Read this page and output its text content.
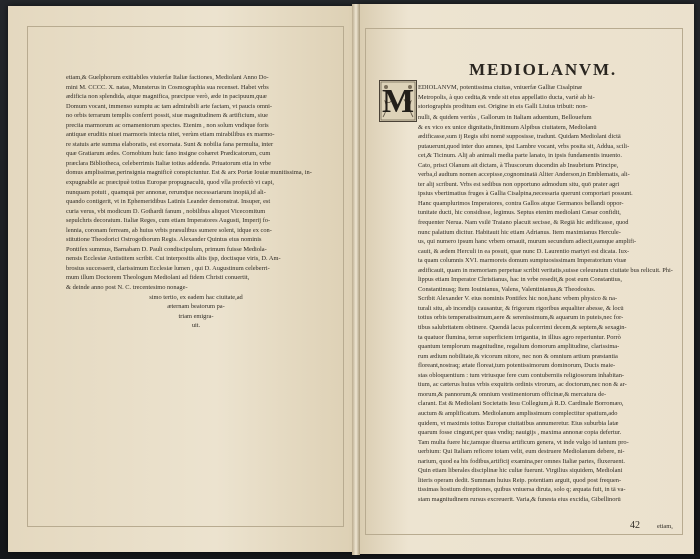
etiam,& Guelphorum exitiabiles viuierfæ Italiæ factiones, Mediolani Anno Do-
mini M. CCCC. X. natas, Munsterus in Cosmographia sua recenset. Habet vrbs
ædificia non splendida, atque magnifica, præcipue verò, æde in pacipuum,quæ
Domum vocant, immenso sumptu ac tam admirabili arte factam, vt paucis omni-
no orbis terrarum templis conferri possit, siue magnitudinem & artificium, siue
preciia marmorum ac ornamentorum spectes. Etenim , non solum vndique foris
antiquæ eruditis niuei marmoris intecta nitet, verùm etiam mirabilibus ex marmo-
re statuis arte summa elaboratis, est exornata. Sunt & nobilia fana permulta, inter
quæ Gratiarum ædes. Cornobium huic fano insigne cohæret Prædicatorum, cum
præclara Bibliotheca, celeberrimis Italiæ totius addenda. Priuatorum etia in vrbe
domus amplissimæ,perinsignia magnificè conspiciuntur. Est & arx Portæ Iouiæ munitissima, in-
expugnabile ac præcipuè totius Europæ propugnaculū, quod vlla profectò vi capi,
nunquam potuit , quamquā per annonæ, rerumq̄ue necessariarum inopiā,id ali-
quando contigerit, vt in Ephemeridibus Latinis Leander demonstrat. Insuper, est
curia verus, vbi modicum D. Gothardi fanum , nobilibus aliquot Vicecomitum
sepulchris decoratum. Italiæ Reges, cum etiam Imperatores Augusti, Imperij fo-
lennia, coronam ferream, ab huius vrbis præsulibus sumere solent, idque ex con-
stitutione Theodorici Ostrogothorum Regis. Alexander Quintus eius nominis
Pontifex summus, Barnabam D. Pauli condiscipulum, primum fuisse Mediola-
nensis Ecclesiæ Antistitem scribit. Cui interpositis aliis ijsp, doctisque viris, D. Am-
brosius successerit, clarissimum Ecclesiæ lumen , qui D. Augustinum celeberri-
mum illum Doctorem Theologum Mediolani ad fidem Christi conuertit,
& deinde anno post N. C. trecentesimo nonage-
simo tertio, ex eadem hac ciuitate,ad
æternam beatorum pa-
triam emigra-
uit.
MEDIOLANVM.
M EDIOLANVM, potentissima ciuitas, vniuerfæ Galliæ Cisalpinæ
Metropolis, à quo cedita,& vnde sit eius appellatio ducta, variè ab hi-
storiographis proditum est. Origine in eis Galli Liuius tribuit: non-
nulli, & quidem veriùs , Gallorum in Italiam aduentum, Bellouefum
& ex vico ex unice dignitatis,finitimum Alpibus ciuitatem, Mediolanū
ædificasse,sum ij Regis sibi nomē supposisse, tradunt. Quidam Mediolani dictā
putauerunt,quod inter duo amnes, ipsi Lambre vocant, vrbs posita sit, Addua, scili-
cet,& Ticinum. Alij ab animali media parte lanato, in ipsis fundamentis inuento.
Cato, prisci Olanum ait dictam, à Thuscorum ducendin ab Insubrium Principe,
verba,d audtum nomen accepisse,cognominatā Aliter Anderson,in Emblematis, ali-
ter alij scribunt. Vrbs est sedibus non opportuno admodum situ, quō prater agri
ipsius vbertimatius fruges à Gallia Cisalpina,necessaria querunt comportari possunt.
Hanc quamplurimos Imperatores, contra Gallos atque Germanos bellandi oppor-
tunitate ducti, hic considisse, legimus. Septus etenim mediolani Cæsar confidit,
frequenter Nerua. Nam vsilē Traiano placuit secisse, & Regiā hic ædificasse, quod
nunc palatium dicitur. Habitauit hic etiam Adrianus. Item maximianus Hercule-
us, qui numero ipsum hanc vrbem ornauit, murum secundum adiecit,eamque amplifi-
cauit, & ædem Herculi in ea posuit, quæ nunc D. Laurentio martyri est dicata. Iux-
ta quam columnis XVI. marmoreis domum sumptuosissimam Imperatorium viuæ
ædificauit, quam in memoriam perpetuæ scribit veritatis,suisse celeuratum ciuitate bus relicuit. Phi-
lippus etiam Imperator Christianus, hac in vrbe resedit,& post eum Constantius,
Constantinusq; Item Iouinianus, Valens, Valentinianus,& Theodosius.
Scribit Alexander V. eius nominis Pontifex hic non,hanc vrbem physico & na-
turali situ, ab incendijs causantur, & frigorum rigoribus æqualiter abesse, & locū
totius orbis temperatissimum,aere & serenissimum,& aquarum in puteis,nec for-
tibus salubritatem obtinere. Quendā lacus pulcerrimi decem,& septem,& sexagin-
ta quatuor flumina, terræ superficiem irrigantia, in illius agro reperiuntur. Porrò
quantum templorum magnitudine, regalium domorum amplitudine, clarissima-
rum ædium nobilitate,& vicorum nitore, nec non & omnium artium præstantia
floreant,nostraq; ætate floreat,tum potentissimorum dominorum, Ducis maie-
stas obloquentium : tum vtriusque fere cum contuberniis religiosorum inhabitan-
tium, ac cæterus huius vrbis exquitris ordinis virorum, ac doctorum,nec non & ar-
morum,& pannorum,& omnium vestimentorum officinæ,& mercatura de-
clarant. Est & Mediolani Societatis Iesu Collegium,à R.D. Cardinale Borromæo,
auctum & amplificatum. Mediolanum amplissimum complectitur spatium,ado
quidem, vt maximis totius Europæ ciuitatibus annumeretur. Eius suburbia latæ
quarum fosse cingunt,per quas vndiq; nauigijs , maxima annonæ copia defertur.
Tam multa fuere hic,tamque diuersa artificum genera, vt inde vulgo id tantum pro-
uerbium: Qui Italiam reficere totam velit, eum destruere Mediolanum debere, ni-
narium, quod ea his fodibus,artificij examina,per omnes Italiæ partes, fluxeruent.
Quin etiam liberales disciplinæ hic cultæ fuerunt. Virgilius siquidem, Mediolani
literis operam dedit. Summam huius Reip. potentiam arguit, quod post frequen-
tissimas hostium direptiones, quibus vniuersa diruta, solo q; æquata fuit, in tā va-
stam magnitudinem rursus excreuerit. Varia,& funesta eius excidia, Gibellinorū

42	etiam,
